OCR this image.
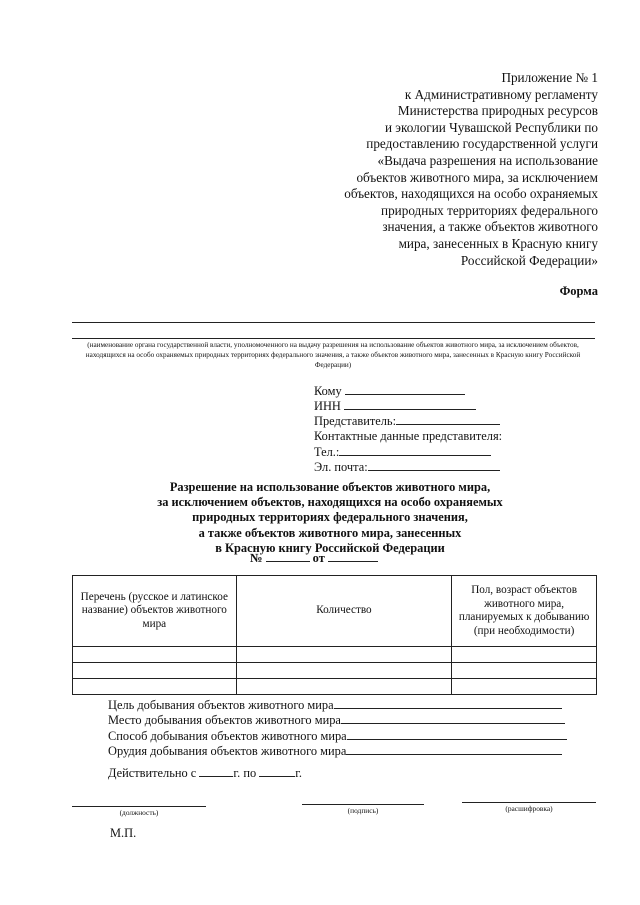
Приложение № 1
к Административному регламенту
Министерства природных ресурсов
и экологии Чувашской Республики по
предоставлению государственной услуги
«Выдача разрешения на использование
объектов животного мира, за исключением
объектов, находящихся на особо охраняемых
природных территориях федерального
значения, а также объектов животного
мира, занесенных в Красную книгу
Российской Федерации»
Форма
(наименование органа государственной власти, уполномоченного на выдачу разрешения на использование объектов животного мира, за исключением объектов, находящихся на особо охраняемых природных территориях федерального значения, а также объектов животного мира, занесенных в Красную книгу Российской Федерации)
Кому
ИНН
Представитель:
Контактные данные представителя:
Тел.:
Эл. почта:
Разрешение на использование объектов животного мира,
за исключением объектов, находящихся на особо охраняемых
природных территориях федерального значения,
а также объектов животного мира, занесенных
в Красную книгу Российской Федерации
№	от
Перечень (русское и латинское название) объектов животного мира	Количество	Пол, возраст объектов животного мира, планируемых к добыванию (при необходимости)

Цель добывания объектов животного мира
Место добывания объектов животного мира
Способ добывания объектов животного мира
Орудия добывания объектов животного мира
Действительно с	г. по	г.
(должность)	(подпись)	(расшифровка)
М.П.
